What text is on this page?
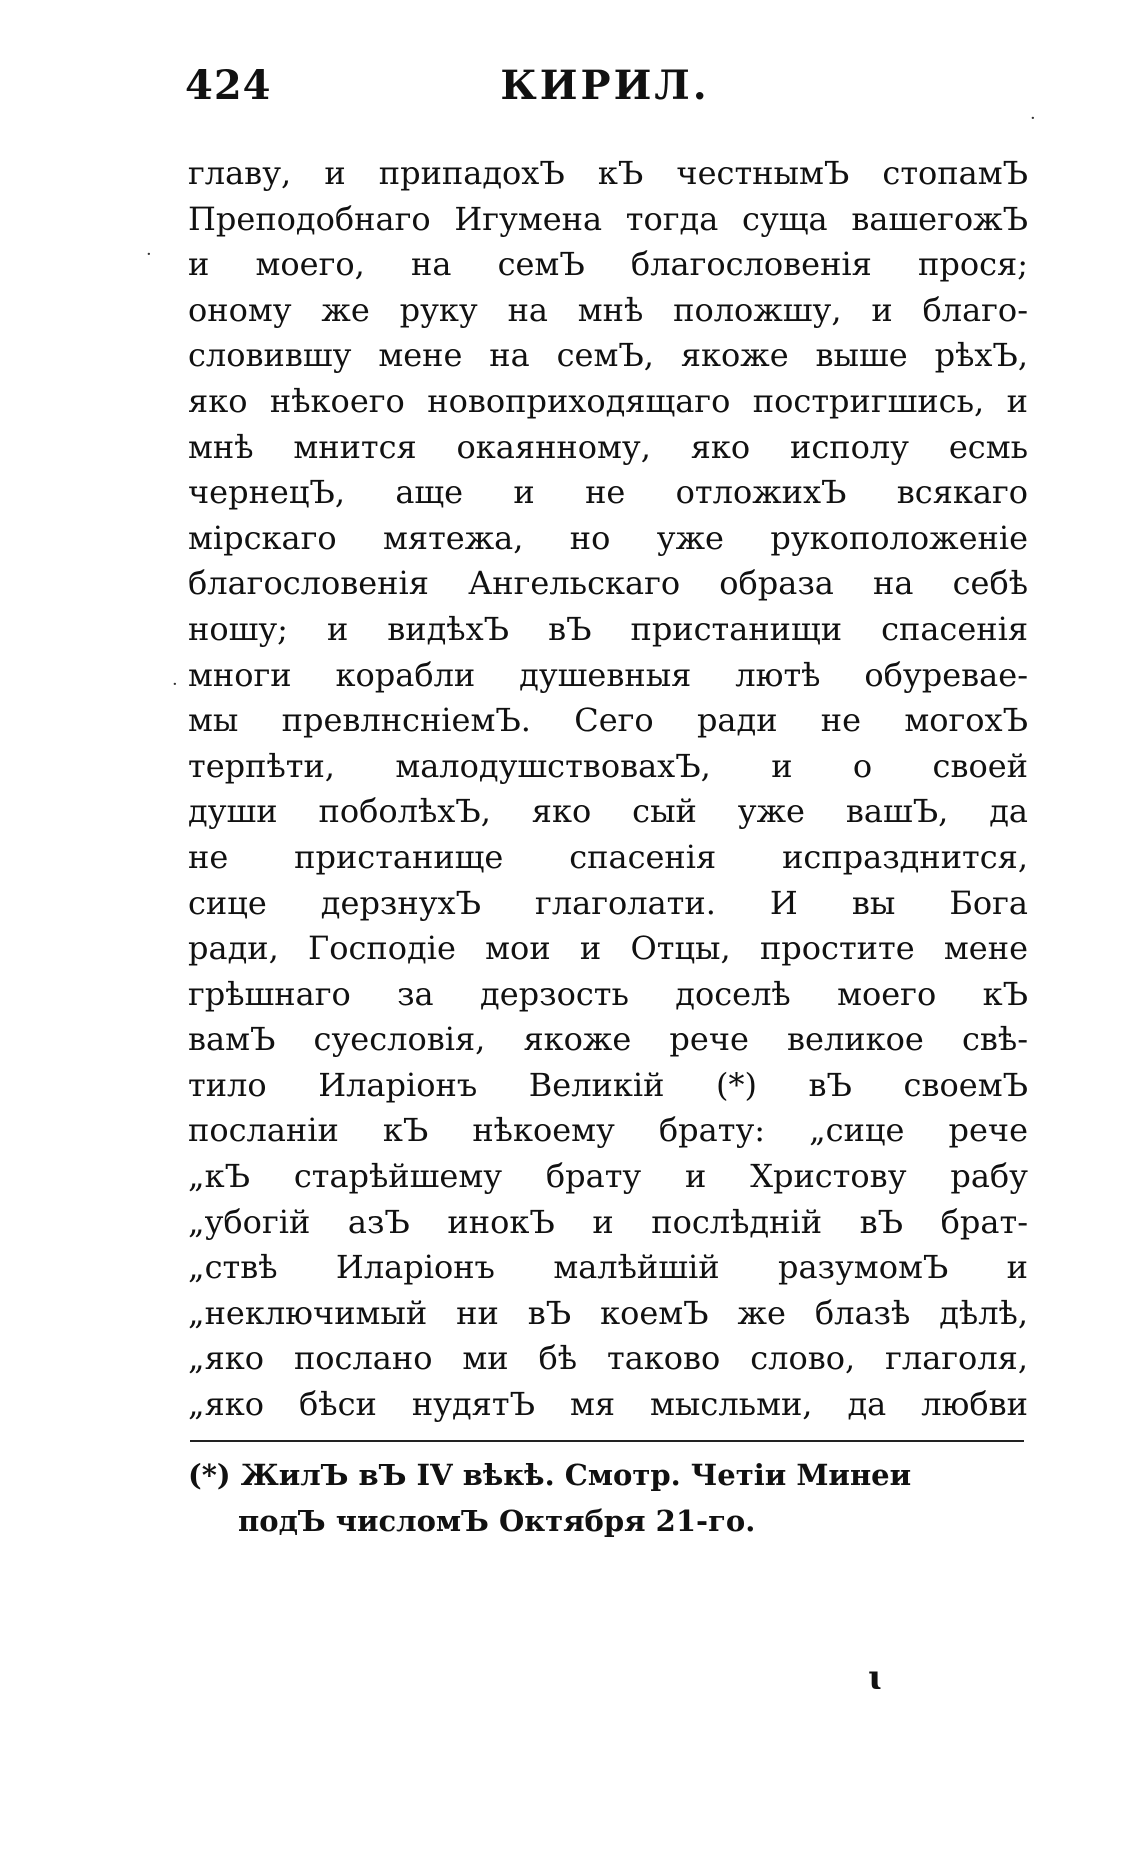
424	КИРИЛ.
главу, и припадохЪ кЪ честнымЪ стопамЪ
Преподобнаго Игумена тогда суща вашегожЪ
и моего, на семЪ благословенія прося;
оному же руку на мнѣ положшу, и благо-
словившу мене на семЪ, якоже выше рѣхЪ,
яко нѣкоего новоприходящаго постригшись, и
мнѣ мнится окаянному, яко исполу есмь
чернецЪ, аще и не отложихЪ всякаго
мірскаго мятежа, но уже рукоположеніе
благословенія Ангельскаго образа на себѣ
ношу; и видѣхЪ вЪ пристанищи спасенія
многи корабли душевныя лютѣ обуреваe-
мы превлнсніемЪ. Сего ради не могохЪ
терпѣти, малодушствовахЪ, и о своей
души поболѣхЪ, яко сый уже вашЪ, да
не пристанище спасенія испразднится,
сице дерзнухЪ глаголати. И вы Бога
ради, Господіе мои и Отцы, простите мене
грѣшнаго за дерзость доселѣ моего кЪ
вамЪ суесловія, якоже рече великое свѣ-
тило Иларіонъ Великій (*) вЪ своемЪ
посланіи кЪ нѣкоему брату: „сице рече
„кЪ старѣйшему брату и Христову рабу
„убогій азЪ инокЪ и послѣдній вЪ брат-
„ствѣ Иларіонъ малѣйшій разумомЪ и
„неключимый ни вЪ коемЪ же блазѣ дѣлѣ,
„яко послано ми бѣ таково слово, глаголя,
„яко бѣси нудятЪ мя мысльми, да любви
(*) ЖилЪ вЪ IV вѣкѣ. Смотр. Четіи Минеи
подЪ числомЪ Октября 21-го.
ɩ
·
·
·
